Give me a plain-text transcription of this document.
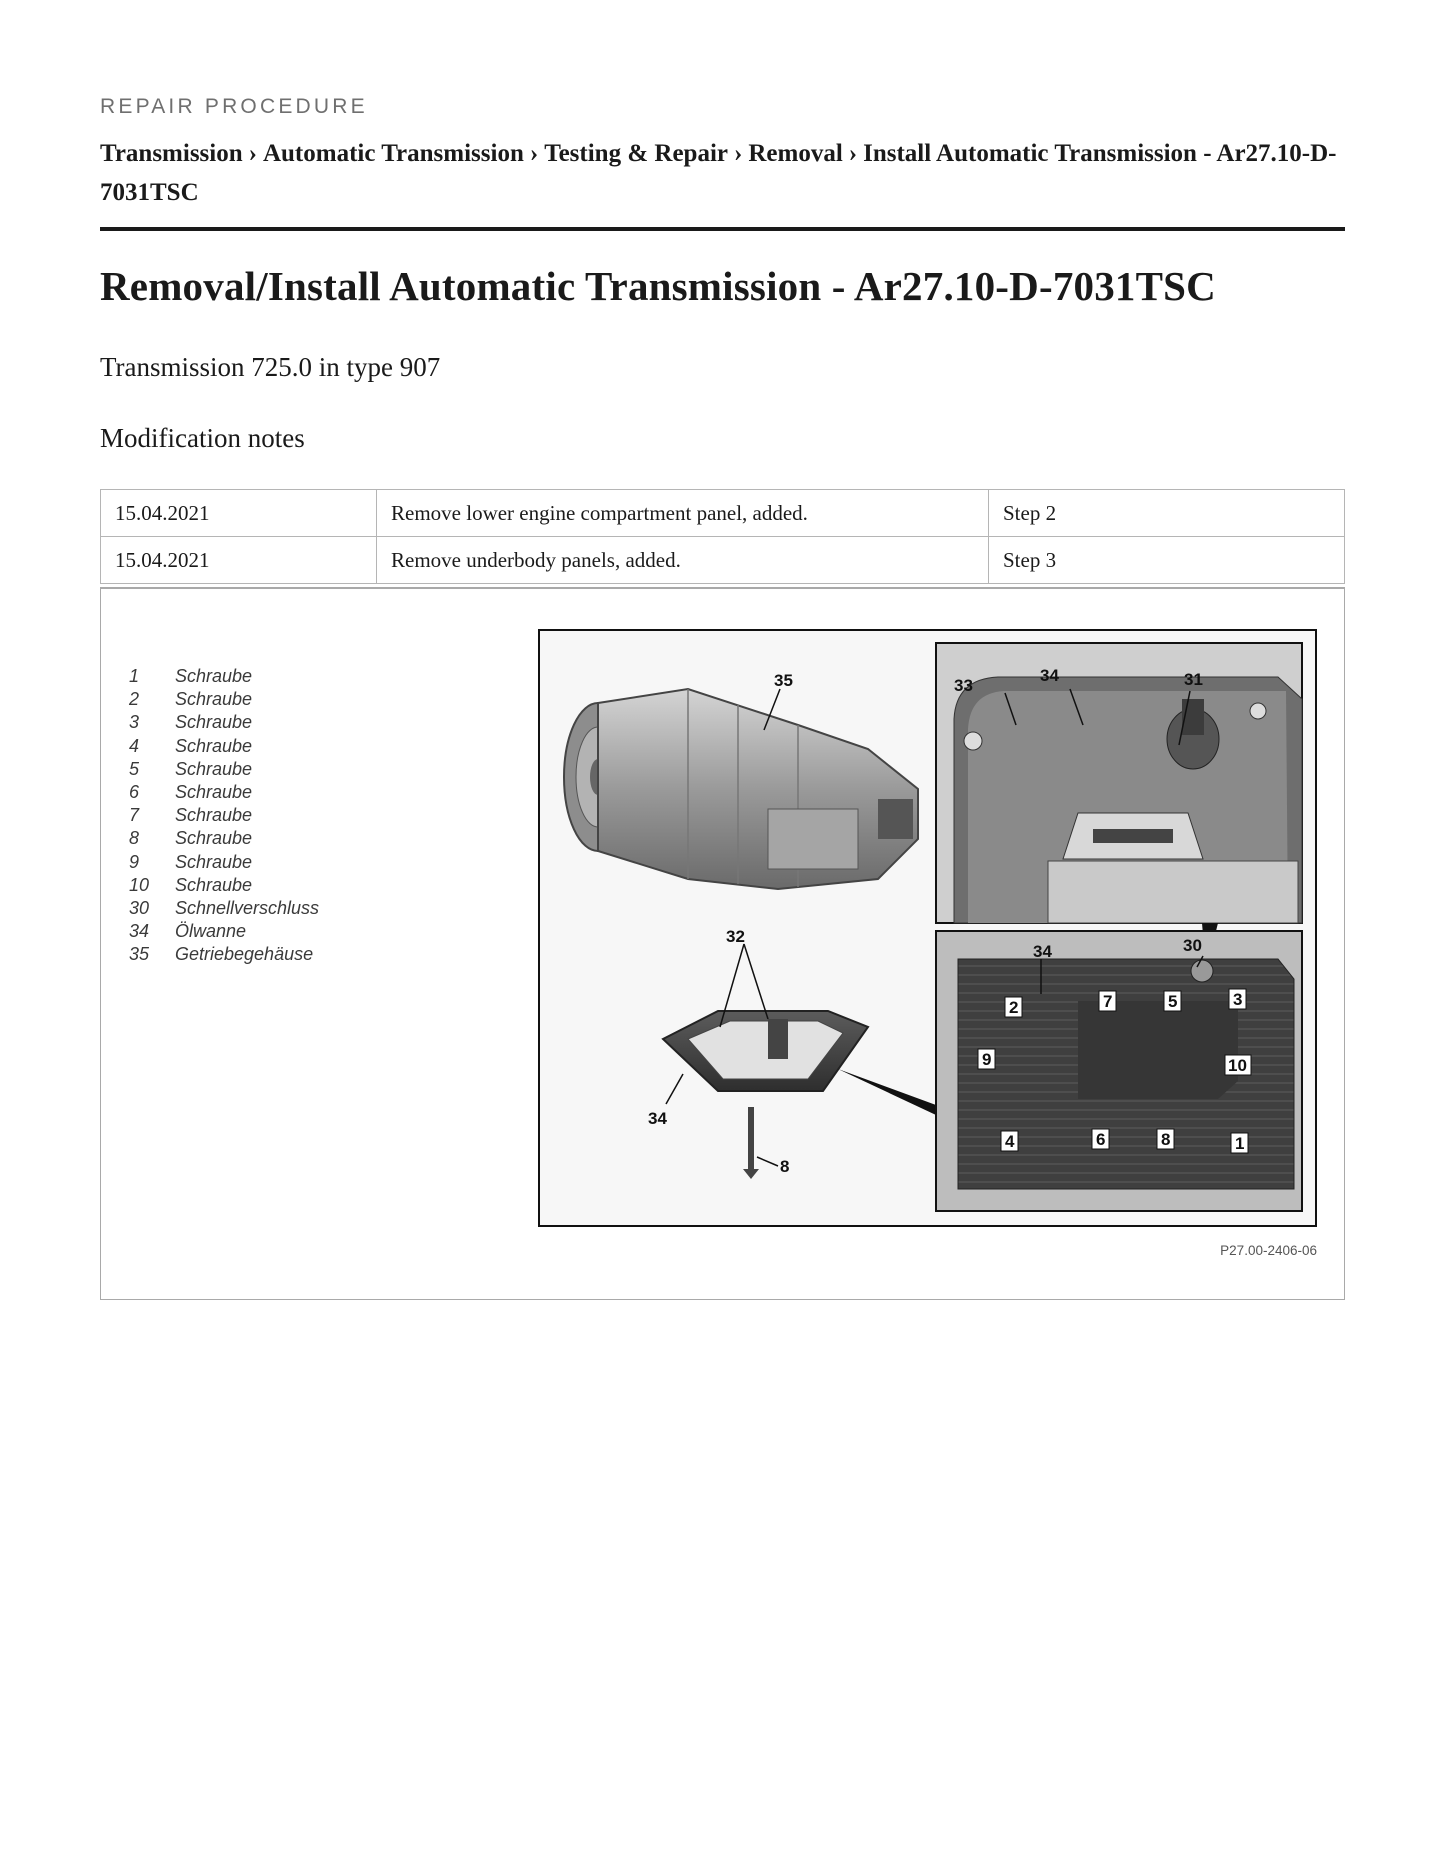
REPAIR PROCEDURE
Transmission › Automatic Transmission › Testing & Repair › Removal › Install Automatic Transmission - Ar27.10-D-7031TSC
Removal/Install Automatic Transmission - Ar27.10-D-7031TSC
Transmission 725.0 in type 907
Modification notes
15.04.2021	Remove lower engine compartment panel, added.	Step 2
15.04.2021	Remove underbody panels, added.	Step 3
1 Schraube
2 Schraube
3 Schraube
4 Schraube
5 Schraube
6 Schraube
7 Schraube
8 Schraube
9 Schraube
10 Schraube
30 Schnellverschluss
34 Ölwanne
35 Getriebegehäuse
35	33
34	31
32
34
8
34	30
2	7	5	3
9	10
4	6	8	1
P27.00-2406-06
